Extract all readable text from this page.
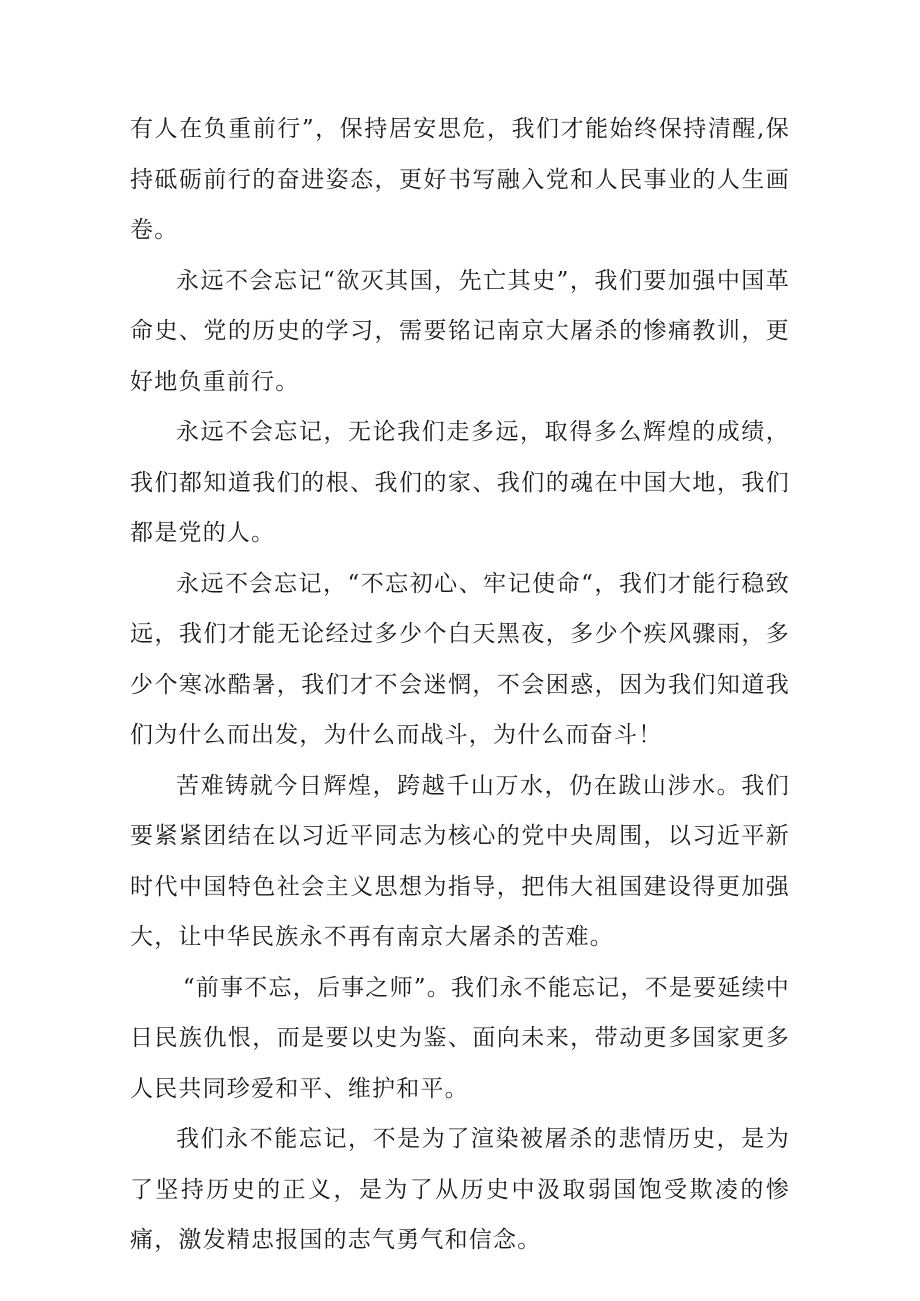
有人在负重前行”，保持居安思危，我们才能始终保持清醒,保持砥砺前行的奋进姿态，更好书写融入党和人民事业的人生画卷。

永远不会忘记“欲灭其国，先亡其史”，我们要加强中国革命史、党的历史的学习，需要铭记南京大屠杀的惨痛教训，更好地负重前行。

永远不会忘记，无论我们走多远，取得多么辉煌的成绩，我们都知道我们的根、我们的家、我们的魂在中国大地，我们都是党的人。

永远不会忘记，“不忘初心、牢记使命“，我们才能行稳致远，我们才能无论经过多少个白天黑夜，多少个疾风骤雨，多少个寒冰酷暑，我们才不会迷惘，不会困惑，因为我们知道我们为什么而出发，为什么而战斗，为什么而奋斗！

苦难铸就今日辉煌，跨越千山万水，仍在跋山涉水。我们要紧紧团结在以习近平同志为核心的党中央周围，以习近平新时代中国特色社会主义思想为指导，把伟大祖国建设得更加强大，让中华民族永不再有南京大屠杀的苦难。

“前事不忘，后事之师”。我们永不能忘记，不是要延续中日民族仇恨，而是要以史为鉴、面向未来，带动更多国家更多人民共同珍爱和平、维护和平。

我们永不能忘记，不是为了渲染被屠杀的悲情历史，是为了坚持历史的正义，是为了从历史中汲取弱国饱受欺凌的惨痛，激发精忠报国的志气勇气和信念。
